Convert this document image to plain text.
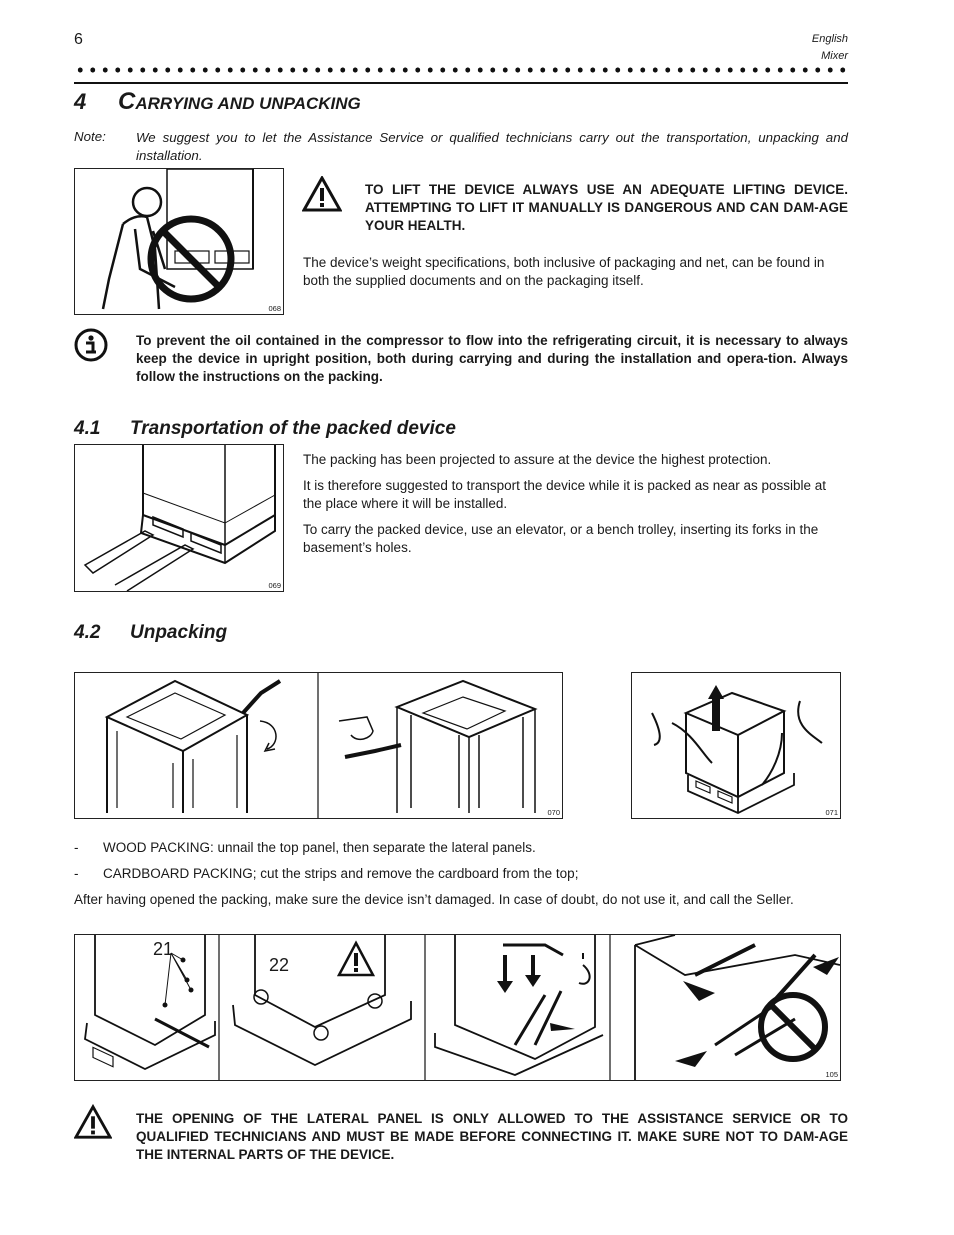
6	English
Mixer
4 CARRYING AND UNPACKING
Note: We suggest you to let the Assistance Service or qualified technicians carry out the transportation, unpacking and installation.
068
TO LIFT THE DEVICE ALWAYS USE AN ADEQUATE LIFTING DEVICE. ATTEMPTING TO LIFT IT MANUALLY IS DANGEROUS AND CAN DAM-AGE YOUR HEALTH.
The device’s weight specifications, both inclusive of packaging and net, can be found in both the supplied documents and on the packaging itself.
To prevent the oil contained in the compressor to flow into the refrigerating circuit, it is necessary to always keep the device in upright position, both during carrying and during the installation and opera-tion. Always follow the instructions on the packing.
4.1 Transportation of the packed device
069
The packing has been projected to assure at the device the highest protection.
It is therefore suggested to transport the device while it is packed as near as possible at the place where it will be installed.
To carry the packed device, use an elevator, or a bench trolley, inserting its forks in the basement’s holes.
4.2 Unpacking
070	071
- WOOD PACKING: unnail the top panel, then separate the lateral panels.
- CARDBOARD PACKING; cut the strips and remove the cardboard from the top;
After having opened the packing, make sure the device isn’t damaged. In case of doubt, do not use it, and call the Seller.
21
22
105
THE OPENING OF THE LATERAL PANEL IS ONLY ALLOWED TO THE ASSISTANCE SERVICE OR TO QUALIFIED TECHNICIANS AND MUST BE MADE BEFORE CONNECTING IT. MAKE SURE NOT TO DAM-AGE THE INTERNAL PARTS OF THE DEVICE.
